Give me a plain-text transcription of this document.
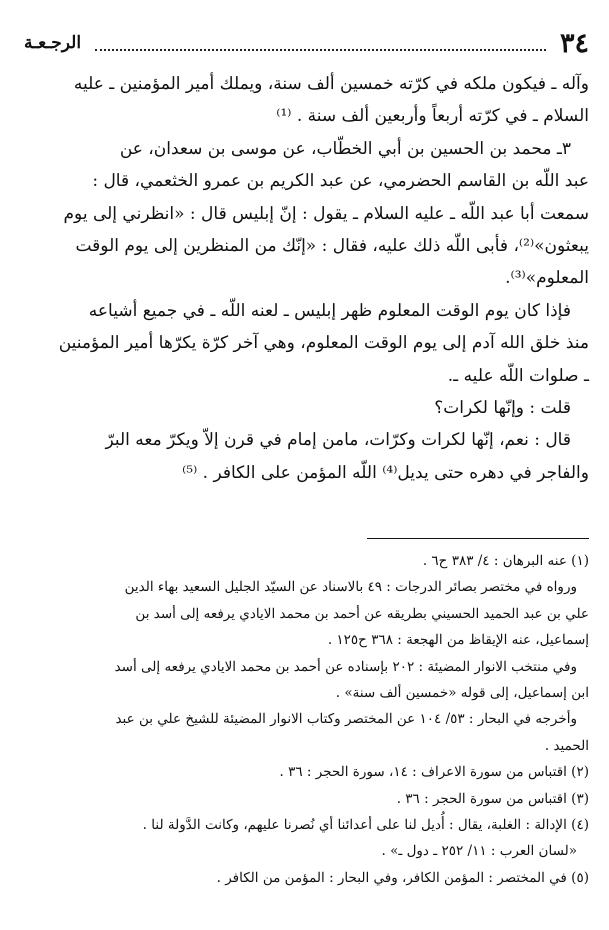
٣٤
الرجـعـة
وآله ـ فيكون ملكه في كرّته خمسين ألف سنة، ويملك أمير المؤمنين ـ عليه
السلام ـ في كرّته أربعاً وأربعين ألف سنة . ⁽¹⁾
٣ـ محمد بن الحسين بن أبي الخطّاب، عن موسى بن سعدان، عن
عبد اللّه بن القاسم الحضرمي، عن عبد الكريم بن عمرو الخثعمي، قال :
سمعت أبا عبد اللّه ـ عليه السلام ـ يقول : إنّ إبليس قال : «انظرني إلى يوم
يبعثون»⁽²⁾، فأبى اللّه ذلك عليه، فقال : «إنّك من المنظرين إلى يوم الوقت
المعلوم»⁽³⁾.
فإذا كان يوم الوقت المعلوم ظهر إبليس ـ لعنه اللّه ـ في جميع أشياعه
منذ خلق الله آدم إلى يوم الوقت المعلوم، وهي آخر كرّة يكرّها أمير المؤمنين
ـ صلوات اللّه عليه ـ.
قلت : وإنّها لكرات؟
قال : نعم، إنّها لكرات وكرّات، مامن إمام في قرن إلاّ ويكرّ معه البرّ
والفاجر في دهره حتى يديل⁽⁴⁾ اللّه المؤمن على الكافر . ⁽⁵⁾
(١) عنه البرهان : ٤/ ٣٨٣ ح٦ .
ورواه في مختصر بصائر الدرجات : ٤٩ بالاسناد عن السيّد الجليل السعيد بهاء الدين
علي بن عبد الحميد الحسيني بطريقه عن أحمد بن محمد الايادي يرفعه إلى أسد بن
إسماعيل، عنه الإيقاظ من الهجعة : ٣٦٨ ح١٢٥ .
وفي منتخب الانوار المضيئة : ٢٠٢ بإسناده عن أحمد بن محمد الايادي يرفعه إلى أسد
ابن إسماعيل، إلى قوله «خمسين ألف سنة» .
وأخرجه في البحار : ٥٣/ ١٠٤ عن المختصر وكتاب الانوار المضيئة للشيخ علي بن عبد
الحميد .
(٢) اقتباس من سورة الاعراف : ١٤، سورة الحجر : ٣٦ .
(٣) اقتباس من سورة الحجر : ٣٦ .
(٤) الإدالة : الغلبة، يقال : أُديل لنا على أعدائنا أي نُصرنا عليهم، وكانت الدَّولة لنا .
«لسان العرب : ١١/ ٢٥٢ ـ دول ـ» .
(٥) في المختصر : المؤمن الكافر، وفي البحار : المؤمن من الكافر .
